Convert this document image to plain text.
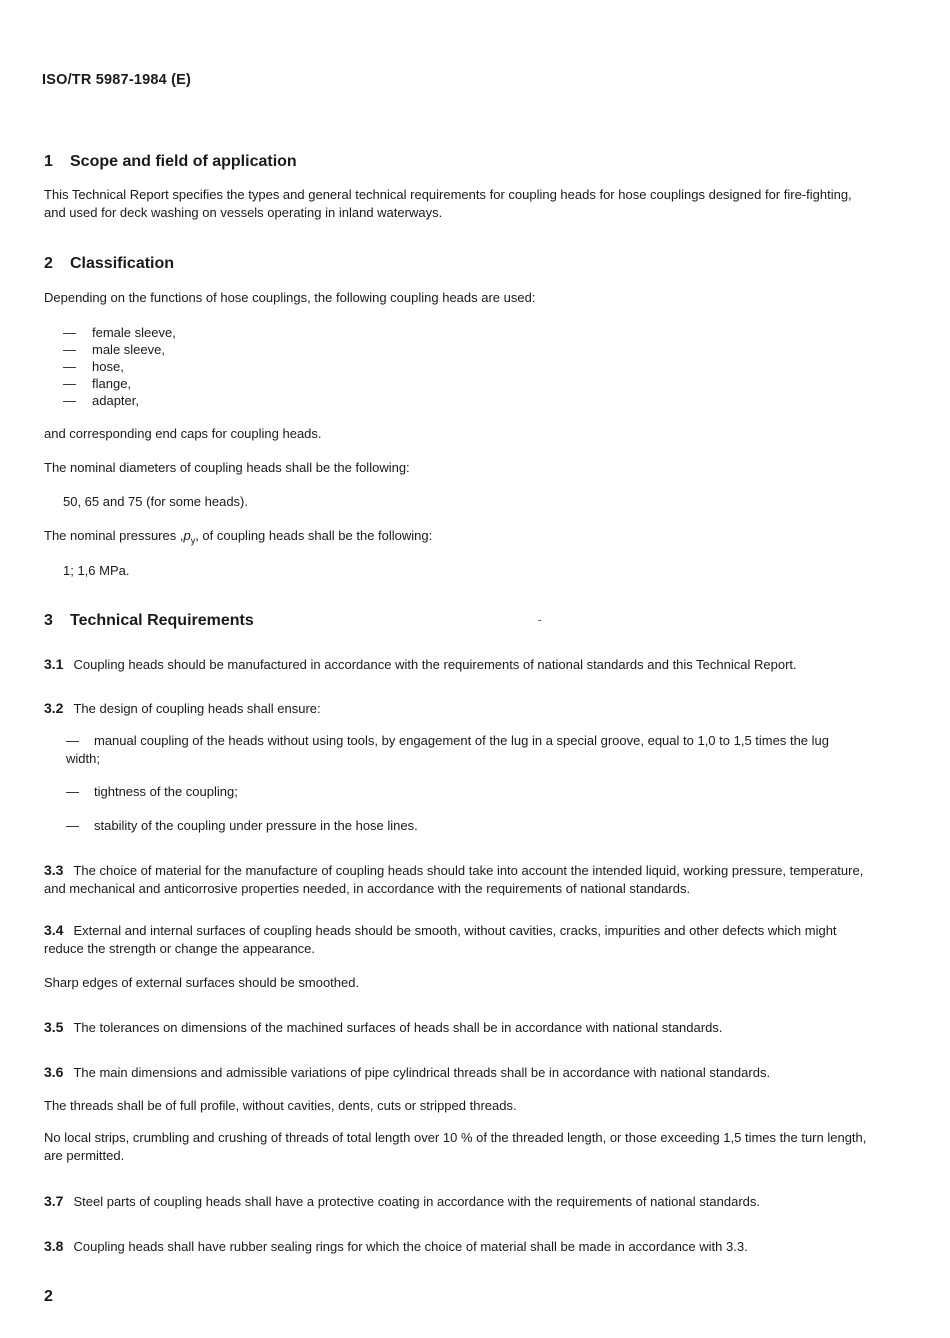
ISO/TR 5987-1984 (E)
1 Scope and field of application
This Technical Report specifies the types and general technical requirements for coupling heads for hose couplings designed for fire-fighting, and used for deck washing on vessels operating in inland waterways.
2 Classification
Depending on the functions of hose couplings, the following coupling heads are used:
— female sleeve,
— male sleeve,
— hose,
— flange,
— adapter,
and corresponding end caps for coupling heads.
The nominal diameters of coupling heads shall be the following:
50, 65 and 75 (for some heads).
The nominal pressures $,p_y$, of coupling heads shall be the following:
1; 1,6 MPa.
3 Technical Requirements
3.1 Coupling heads should be manufactured in accordance with the requirements of national standards and this Technical Report.
3.2 The design of coupling heads shall ensure:
— manual coupling of the heads without using tools, by engagement of the lug in a special groove, equal to 1,0 to 1,5 times the lug width;
— tightness of the coupling;
— stability of the coupling under pressure in the hose lines.
3.3 The choice of material for the manufacture of coupling heads should take into account the intended liquid, working pressure, temperature, and mechanical and anticorrosive properties needed, in accordance with the requirements of national standards.
3.4 External and internal surfaces of coupling heads should be smooth, without cavities, cracks, impurities and other defects which might reduce the strength or change the appearance.
Sharp edges of external surfaces should be smoothed.
3.5 The tolerances on dimensions of the machined surfaces of heads shall be in accordance with national standards.
3.6 The main dimensions and admissible variations of pipe cylindrical threads shall be in accordance with national standards.
The threads shall be of full profile, without cavities, dents, cuts or stripped threads.
No local strips, crumbling and crushing of threads of total length over 10 % of the threaded length, or those exceeding 1,5 times the turn length, are permitted.
3.7 Steel parts of coupling heads shall have a protective coating in accordance with the requirements of national standards.
3.8 Coupling heads shall have rubber sealing rings for which the choice of material shall be made in accordance with 3.3.
2
